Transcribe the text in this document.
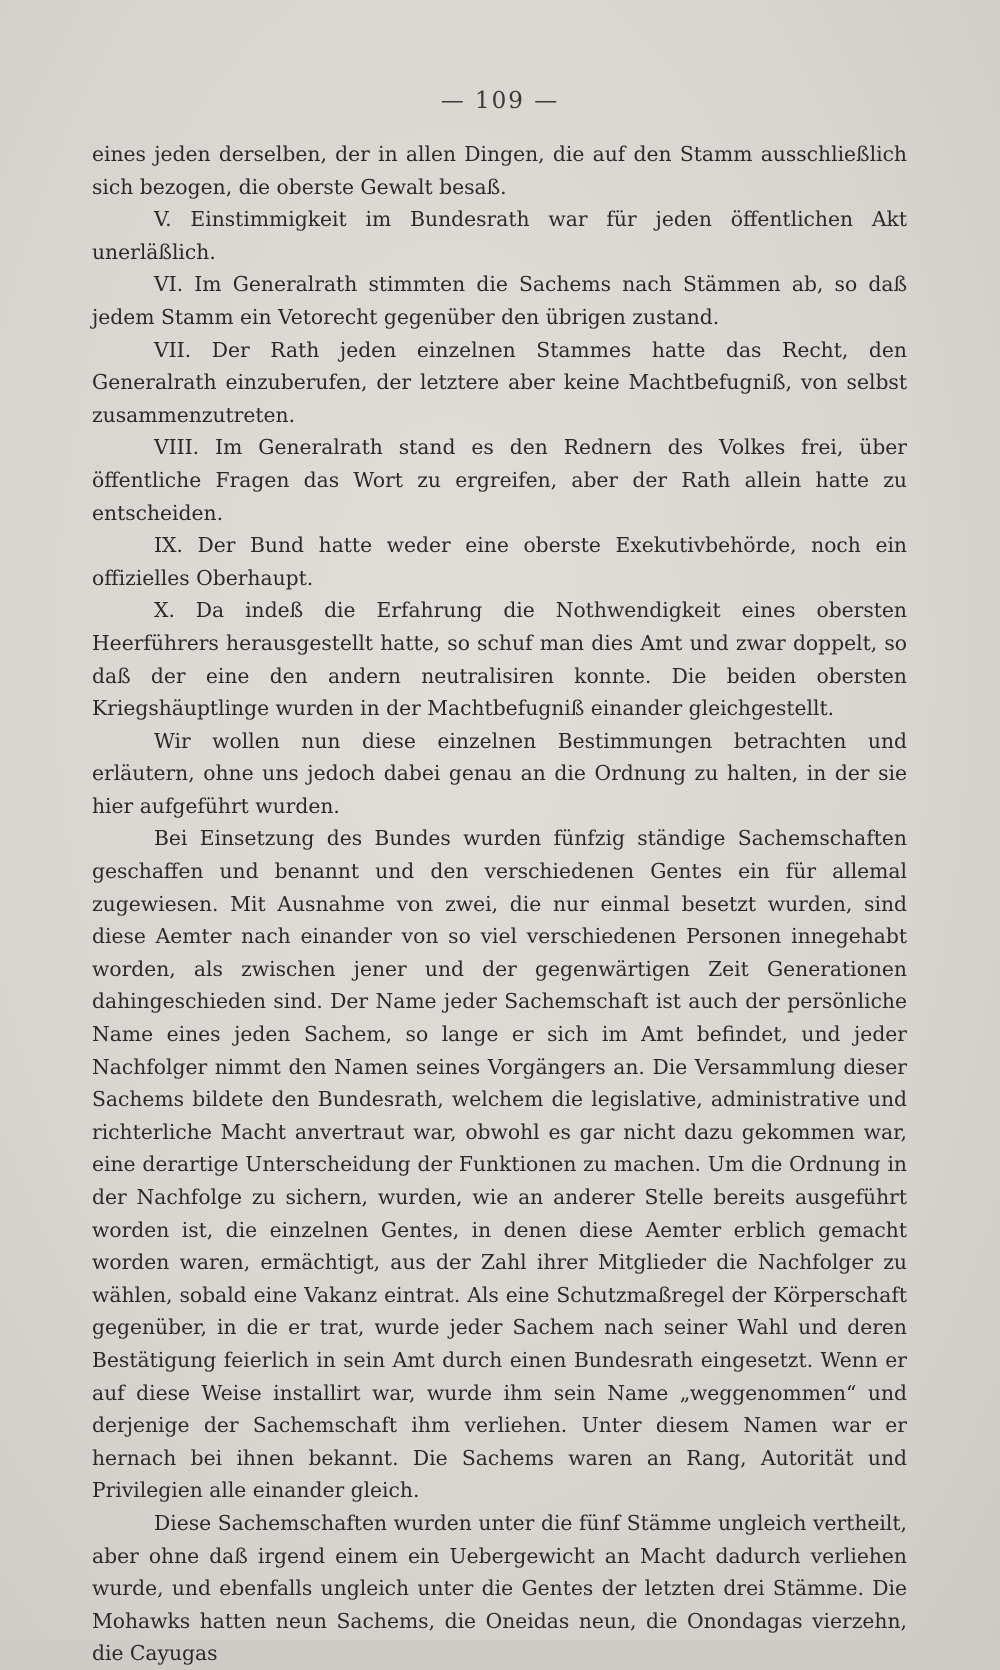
— 109 —

eines jeden derselben, der in allen Dingen, die auf den Stamm ausschließlich sich bezogen, die oberste Gewalt besaß.

V. Einstimmigkeit im Bundesrath war für jeden öffentlichen Akt unerläßlich.

VI. Im Generalrath stimmten die Sachems nach Stämmen ab, so daß jedem Stamm ein Vetorecht gegenüber den übrigen zustand.

VII. Der Rath jeden einzelnen Stammes hatte das Recht, den Generalrath einzuberufen, der letztere aber keine Machtbefugniß, von selbst zusammenzutreten.

VIII. Im Generalrath stand es den Rednern des Volkes frei, über öffentliche Fragen das Wort zu ergreifen, aber der Rath allein hatte zu entscheiden.

IX. Der Bund hatte weder eine oberste Exekutivbehörde, noch ein offizielles Oberhaupt.

X. Da indeß die Erfahrung die Nothwendigkeit eines obersten Heerführers herausgestellt hatte, so schuf man dies Amt und zwar doppelt, so daß der eine den andern neutralisiren konnte. Die beiden obersten Kriegshäuptlinge wurden in der Machtbefugniß einander gleichgestellt.

Wir wollen nun diese einzelnen Bestimmungen betrachten und erläutern, ohne uns jedoch dabei genau an die Ordnung zu halten, in der sie hier aufgeführt wurden.

Bei Einsetzung des Bundes wurden fünfzig ständige Sachemschaften geschaffen und benannt und den verschiedenen Gentes ein für allemal zugewiesen. Mit Ausnahme von zwei, die nur einmal besetzt wurden, sind diese Aemter nach einander von so viel verschiedenen Personen innegehabt worden, als zwischen jener und der gegenwärtigen Zeit Generationen dahingeschieden sind. Der Name jeder Sachemschaft ist auch der persönliche Name eines jeden Sachem, so lange er sich im Amt befindet, und jeder Nachfolger nimmt den Namen seines Vorgängers an. Die Versammlung dieser Sachems bildete den Bundesrath, welchem die legislative, administrative und richterliche Macht anvertraut war, obwohl es gar nicht dazu gekommen war, eine derartige Unterscheidung der Funktionen zu machen. Um die Ordnung in der Nachfolge zu sichern, wurden, wie an anderer Stelle bereits ausgeführt worden ist, die einzelnen Gentes, in denen diese Aemter erblich gemacht worden waren, ermächtigt, aus der Zahl ihrer Mitglieder die Nachfolger zu wählen, sobald eine Vakanz eintrat. Als eine Schutzmaßregel der Körperschaft gegenüber, in die er trat, wurde jeder Sachem nach seiner Wahl und deren Bestätigung feierlich in sein Amt durch einen Bundesrath eingesetzt. Wenn er auf diese Weise installirt war, wurde ihm sein Name „weggenommen“ und derjenige der Sachemschaft ihm verliehen. Unter diesem Namen war er hernach bei ihnen bekannt. Die Sachems waren an Rang, Autorität und Privilegien alle einander gleich.

Diese Sachemschaften wurden unter die fünf Stämme ungleich vertheilt, aber ohne daß irgend einem ein Uebergewicht an Macht dadurch verliehen wurde, und ebenfalls ungleich unter die Gentes der letzten drei Stämme. Die Mohawks hatten neun Sachems, die Oneidas neun, die Onondagas vierzehn, die Cayugas
